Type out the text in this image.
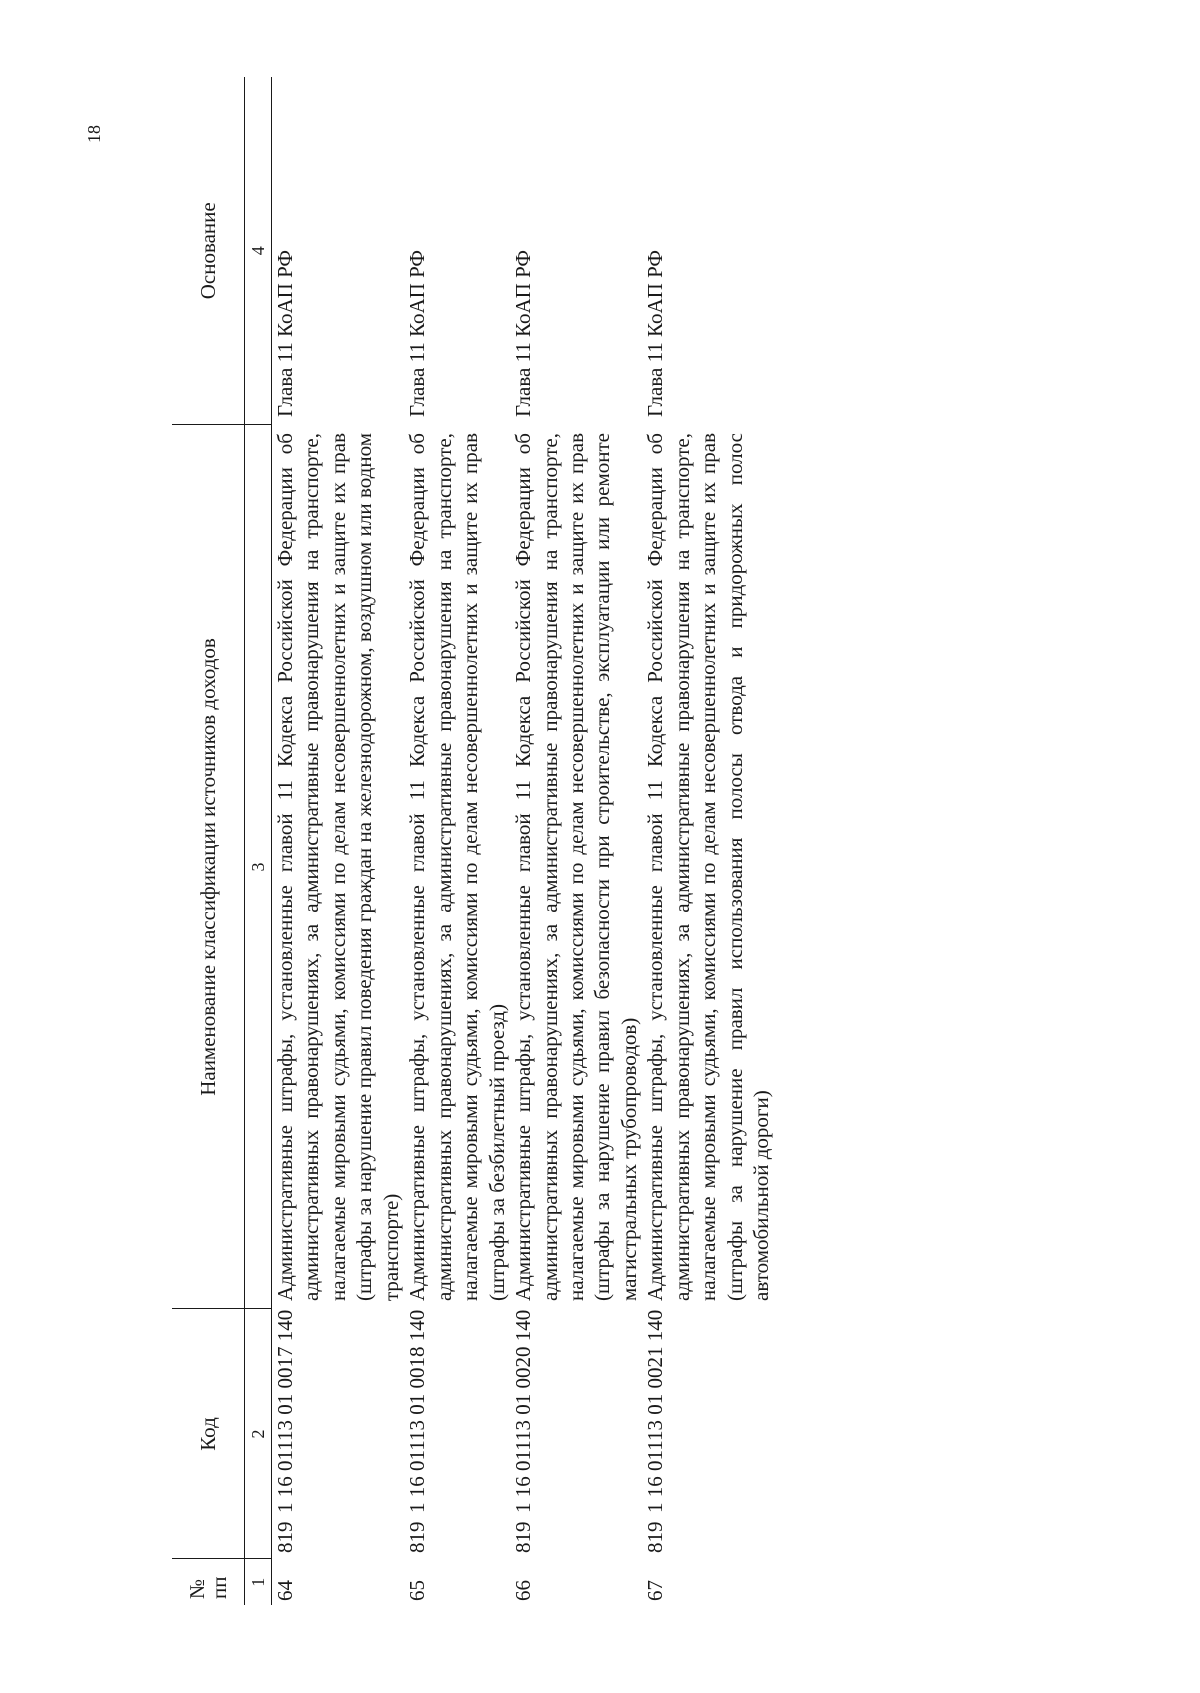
18
№ пп	Код	Наименование классификации источников доходов	Основание
1	2	3	4
64	8191 16 01113 01 0017 140	Административные штрафы, установленные главой 11 Кодекса Российской Федерации об административных правонарушениях, за административные правонарушения на транспорте, налагаемые мировыми судьями, комиссиями по делам несовершеннолетних и защите их прав (штрафы за нарушение правил поведения граждан на железнодорожном, воздушном или водном транспорте)	Глава 11 КоАП РФ
65	8191 16 01113 01 0018 140	Административные штрафы, установленные главой 11 Кодекса Российской Федерации об административных правонарушениях, за административные правонарушения на транспорте, налагаемые мировыми судьями, комиссиями по делам несовершеннолетних и защите их прав (штрафы за безбилетный проезд)	Глава 11 КоАП РФ
66	8191 16 01113 01 0020 140	Административные штрафы, установленные главой 11 Кодекса Российской Федерации об административных правонарушениях, за административные правонарушения на транспорте, налагаемые мировыми судьями, комиссиями по делам несовершеннолетних и защите их прав (штрафы за нарушение правил безопасности при строительстве, эксплуатации или ремонте магистральных трубопроводов)	Глава 11 КоАП РФ
67	8191 16 01113 01 0021 140	Административные штрафы, установленные главой 11 Кодекса Российской Федерации об административных правонарушениях, за административные правонарушения на транспорте, налагаемые мировыми судьями, комиссиями по делам несовершеннолетних и защите их прав (штрафы за нарушение правил использования полосы отвода и придорожных полос автомобильной дороги)	Глава 11 КоАП РФ
